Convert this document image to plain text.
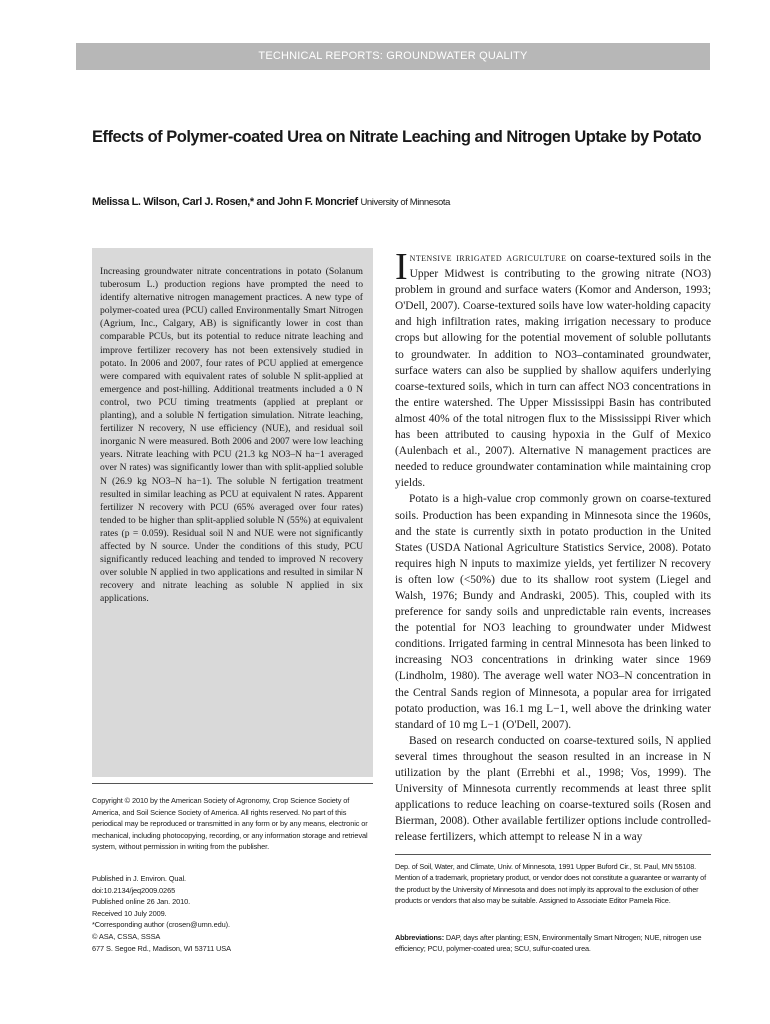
TECHNICAL REPORTS: GROUNDWATER QUALITY
Effects of Polymer-coated Urea on Nitrate Leaching and Nitrogen Uptake by Potato
Melissa L. Wilson, Carl J. Rosen,* and John F. Moncrief University of Minnesota

Increasing groundwater nitrate concentrations in potato (Solanum tuberosum L.) production regions have prompted the need to identify alternative nitrogen management practices. A new type of polymer-coated urea (PCU) called Environmentally Smart Nitrogen (Agrium, Inc., Calgary, AB) is significantly lower in cost than comparable PCUs, but its potential to reduce nitrate leaching and improve fertilizer recovery has not been extensively studied in potato. In 2006 and 2007, four rates of PCU applied at emergence were compared with equivalent rates of soluble N split-applied at emergence and post-hilling. Additional treatments included a 0 N control, two PCU timing treatments (applied at preplant or planting), and a soluble N fertigation simulation. Nitrate leaching, fertilizer N recovery, N use efficiency (NUE), and residual soil inorganic N were measured. Both 2006 and 2007 were low leaching years. Nitrate leaching with PCU (21.3 kg NO3–N ha−1 averaged over N rates) was significantly lower than with split-applied soluble N (26.9 kg NO3–N ha−1). The soluble N fertigation treatment resulted in similar leaching as PCU at equivalent N rates. Apparent fertilizer N recovery with PCU (65% averaged over four rates) tended to be higher than split-applied soluble N (55%) at equivalent rates (p = 0.059). Residual soil N and NUE were not significantly affected by N source. Under the conditions of this study, PCU significantly reduced leaching and tended to improved N recovery over soluble N applied in two applications and resulted in similar N recovery and nitrate leaching as soluble N applied in six applications.

Intensive irrigated agriculture on coarse-textured soils in the Upper Midwest is contributing to the growing nitrate (NO3) problem in ground and surface waters (Komor and Anderson, 1993; O'Dell, 2007). Coarse-textured soils have low water-holding capacity and high infiltration rates, making irrigation necessary to produce crops but allowing for the potential movement of soluble pollutants to groundwater. In addition to NO3–contaminated groundwater, surface waters can also be supplied by shallow aquifers underlying coarse-textured soils, which in turn can affect NO3 concentrations in the entire watershed. The Upper Mississippi Basin has contributed almost 40% of the total nitrogen flux to the Mississippi River which has been attributed to causing hypoxia in the Gulf of Mexico (Aulenbach et al., 2007). Alternative N management practices are needed to reduce groundwater contamination while maintaining crop yields.

Potato is a high-value crop commonly grown on coarse-textured soils. Production has been expanding in Minnesota since the 1960s, and the state is currently sixth in potato production in the United States (USDA National Agriculture Statistics Service, 2008). Potato requires high N inputs to maximize yields, yet fertilizer N recovery is often low (<50%) due to its shallow root system (Liegel and Walsh, 1976; Bundy and Andraski, 2005). This, coupled with its preference for sandy soils and unpredictable rain events, increases the potential for NO3 leaching to groundwater under Midwest conditions. Irrigated farming in central Minnesota has been linked to increasing NO3 concentrations in drinking water since 1969 (Lindholm, 1980). The average well water NO3–N concentration in the Central Sands region of Minnesota, a popular area for irrigated potato production, was 16.1 mg L−1, well above the drinking water standard of 10 mg L−1 (O'Dell, 2007).

Based on research conducted on coarse-textured soils, N applied several times throughout the season resulted in an increase in N utilization by the plant (Errebhi et al., 1998; Vos, 1999). The University of Minnesota currently recommends at least three split applications to reduce leaching on coarse-textured soils (Rosen and Bierman, 2008). Other available fertilizer options include controlled-release fertilizers, which attempt to release N in a way

Copyright © 2010 by the American Society of Agronomy, Crop Science Society of America, and Soil Science Society of America. All rights reserved. No part of this periodical may be reproduced or transmitted in any form or by any means, electronic or mechanical, including photocopying, recording, or any information storage and retrieval system, without permission in writing from the publisher.

Published in J. Environ. Qual.
doi:10.2134/jeq2009.0265
Published online 26 Jan. 2010.
Received 10 July 2009.
*Corresponding author (crosen@umn.edu).
© ASA, CSSA, SSSA
677 S. Segoe Rd., Madison, WI 53711 USA

Dep. of Soil, Water, and Climate, Univ. of Minnesota, 1991 Upper Buford Cir., St. Paul, MN 55108. Mention of a trademark, proprietary product, or vendor does not constitute a guarantee or warranty of the product by the University of Minnesota and does not imply its approval to the exclusion of other products or vendors that also may be suitable. Assigned to Associate Editor Pamela Rice.

Abbreviations: DAP, days after planting; ESN, Environmentally Smart Nitrogen; NUE, nitrogen use efficiency; PCU, polymer-coated urea; SCU, sulfur-coated urea.
